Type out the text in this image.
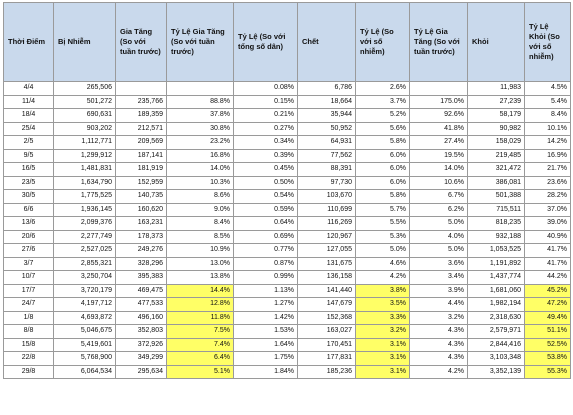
Thời Điểm	Bị Nhiễm	Gia Tăng (So với tuần trước)	Tỷ Lệ Gia Tăng (So với tuần trước)	Tỷ Lệ (So với tổng số dân)	Chết	Tỷ Lệ (So với số nhiễm)	Tỷ Lệ Gia Tăng (So với tuần trước)	Khỏi	Tỷ Lệ Khỏi (So với số nhiễm)
4/4	265,506			0.08%	6,786	2.6%		11,983	4.5%
11/4	501,272	235,766	88.8%	0.15%	18,664	3.7%	175.0%	27,239	5.4%
18/4	690,631	189,359	37.8%	0.21%	35,944	5.2%	92.6%	58,179	8.4%
25/4	903,202	212,571	30.8%	0.27%	50,952	5.6%	41.8%	90,982	10.1%
2/5	1,112,771	209,569	23.2%	0.34%	64,931	5.8%	27.4%	158,029	14.2%
9/5	1,299,912	187,141	16.8%	0.39%	77,562	6.0%	19.5%	219,485	16.9%
16/5	1,481,831	181,919	14.0%	0.45%	88,391	6.0%	14.0%	321,472	21.7%
23/5	1,634,790	152,959	10.3%	0.50%	97,730	6.0%	10.6%	386,081	23.6%
30/5	1,775,525	140,735	8.6%	0.54%	103,670	5.8%	6.7%	501,388	28.2%
6/6	1,936,145	160,620	9.0%	0.59%	110,699	5.7%	6.2%	715,511	37.0%
13/6	2,099,376	163,231	8.4%	0.64%	116,269	5.5%	5.0%	818,235	39.0%
20/6	2,277,749	178,373	8.5%	0.69%	120,967	5.3%	4.0%	932,188	40.9%
27/6	2,527,025	249,276	10.9%	0.77%	127,055	5.0%	5.0%	1,053,525	41.7%
3/7	2,855,321	328,296	13.0%	0.87%	131,675	4.6%	3.6%	1,191,892	41.7%
10/7	3,250,704	395,383	13.8%	0.99%	136,158	4.2%	3.4%	1,437,774	44.2%
17/7	3,720,179	469,475	14.4%	1.13%	141,440	3.8%	3.9%	1,681,060	45.2%
24/7	4,197,712	477,533	12.8%	1.27%	147,679	3.5%	4.4%	1,982,194	47.2%
1/8	4,693,872	496,160	11.8%	1.42%	152,368	3.3%	3.2%	2,318,630	49.4%
8/8	5,046,675	352,803	7.5%	1.53%	163,027	3.2%	4.3%	2,579,971	51.1%
15/8	5,419,601	372,926	7.4%	1.64%	170,451	3.1%	4.3%	2,844,416	52.5%
22/8	5,768,900	349,299	6.4%	1.75%	177,831	3.1%	4.3%	3,103,348	53.8%
29/8	6,064,534	295,634	5.1%	1.84%	185,236	3.1%	4.2%	3,352,139	55.3%
